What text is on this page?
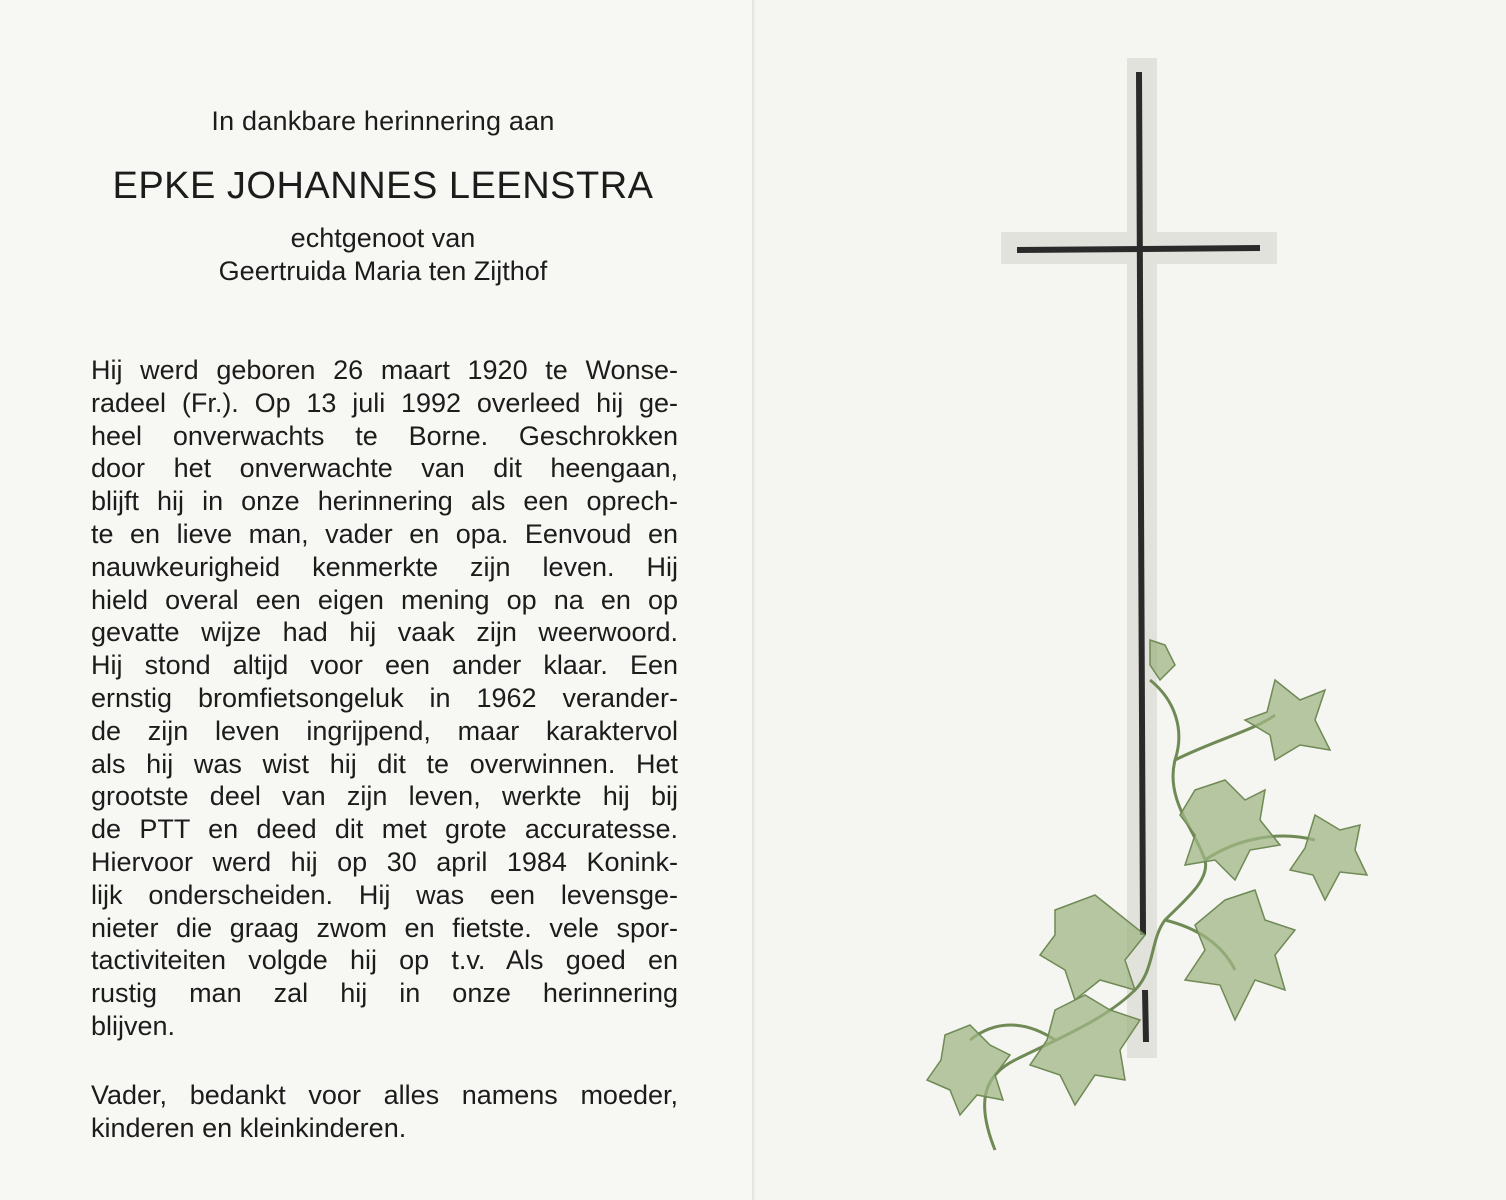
In dankbare herinnering aan
EPKE JOHANNES LEENSTRA
echtgenoot van
Geertruida Maria ten Zijthof
Hij werd geboren 26 maart 1920 te Wonse-
radeel (Fr.). Op 13 juli 1992 overleed hij ge-
heel onverwachts te Borne. Geschrokken
door het onverwachte van dit heengaan,
blijft hij in onze herinnering als een oprech-
te en lieve man, vader en opa. Eenvoud en
nauwkeurigheid kenmerkte zijn leven. Hij
hield overal een eigen mening op na en op
gevatte wijze had hij vaak zijn weerwoord.
Hij stond altijd voor een ander klaar. Een
ernstig bromfietsongeluk in 1962 verander-
de zijn leven ingrijpend, maar karaktervol
als hij was wist hij dit te overwinnen. Het
grootste deel van zijn leven, werkte hij bij
de PTT en deed dit met grote accuratesse.
Hiervoor werd hij op 30 april 1984 Konink-
lijk onderscheiden. Hij was een levensge-
nieter die graag zwom en fietste. vele spor-
tactiviteiten volgde hij op t.v. Als goed en
rustig man zal hij in onze herinnering
blijven.
Vader, bedankt voor alles namens moeder,
kinderen en kleinkinderen.
